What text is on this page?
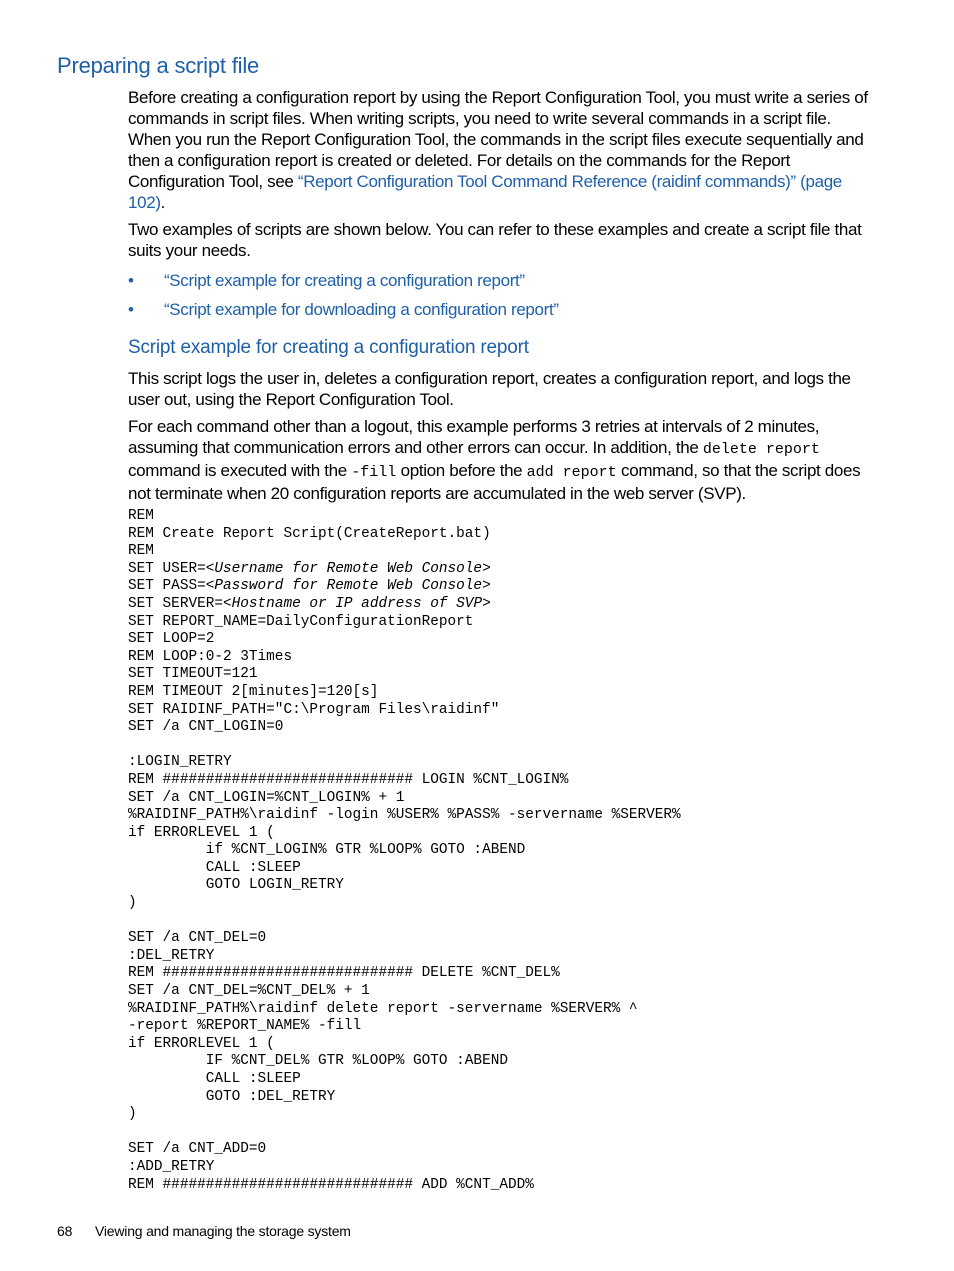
Preparing a script file

Before creating a configuration report by using the Report Configuration Tool, you must write a series of commands in script files. When writing scripts, you need to write several commands in a script file. When you run the Report Configuration Tool, the commands in the script files execute sequentially and then a configuration report is created or deleted. For details on the commands for the Report Configuration Tool, see “Report Configuration Tool Command Reference (raidinf commands)” (page 102).

Two examples of scripts are shown below. You can refer to these examples and create a script file that suits your needs.

•	“Script example for creating a configuration report”
•	“Script example for downloading a configuration report”
Script example for creating a configuration report

This script logs the user in, deletes a configuration report, creates a configuration report, and logs the user out, using the Report Configuration Tool.

For each command other than a logout, this example performs 3 retries at intervals of 2 minutes, assuming that communication errors and other errors can occur. In addition, the delete report command is executed with the -fill option before the add report command, so that the script does not terminate when 20 configuration reports are accumulated in the web server (SVP).

REM
REM Create Report Script(CreateReport.bat)
REM
SET USER=<Username for Remote Web Console>
SET PASS=<Password for Remote Web Console>
SET SERVER=<Hostname or IP address of SVP>
SET REPORT_NAME=DailyConfigurationReport
SET LOOP=2
REM LOOP:0-2 3Times
SET TIMEOUT=121
REM TIMEOUT 2[minutes]=120[s]
SET RAIDINF_PATH="C:\Program Files\raidinf"
SET /a CNT_LOGIN=0

:LOGIN_RETRY
REM ############################# LOGIN %CNT_LOGIN%
SET /a CNT_LOGIN=%CNT_LOGIN% + 1
%RAIDINF_PATH%\raidinf -login %USER% %PASS% -servername %SERVER%
if ERRORLEVEL 1 (
if %CNT_LOGIN% GTR %LOOP% GOTO :ABEND
CALL :SLEEP
GOTO LOGIN_RETRY
)

SET /a CNT_DEL=0
:DEL_RETRY
REM ############################# DELETE %CNT_DEL%
SET /a CNT_DEL=%CNT_DEL% + 1
%RAIDINF_PATH%\raidinf delete report -servername %SERVER% ^
-report %REPORT_NAME% -fill
if ERRORLEVEL 1 (
IF %CNT_DEL% GTR %LOOP% GOTO :ABEND
CALL :SLEEP
GOTO :DEL_RETRY
)

SET /a CNT_ADD=0
:ADD_RETRY
REM ############################# ADD %CNT_ADD%
68 Viewing and managing the storage system
